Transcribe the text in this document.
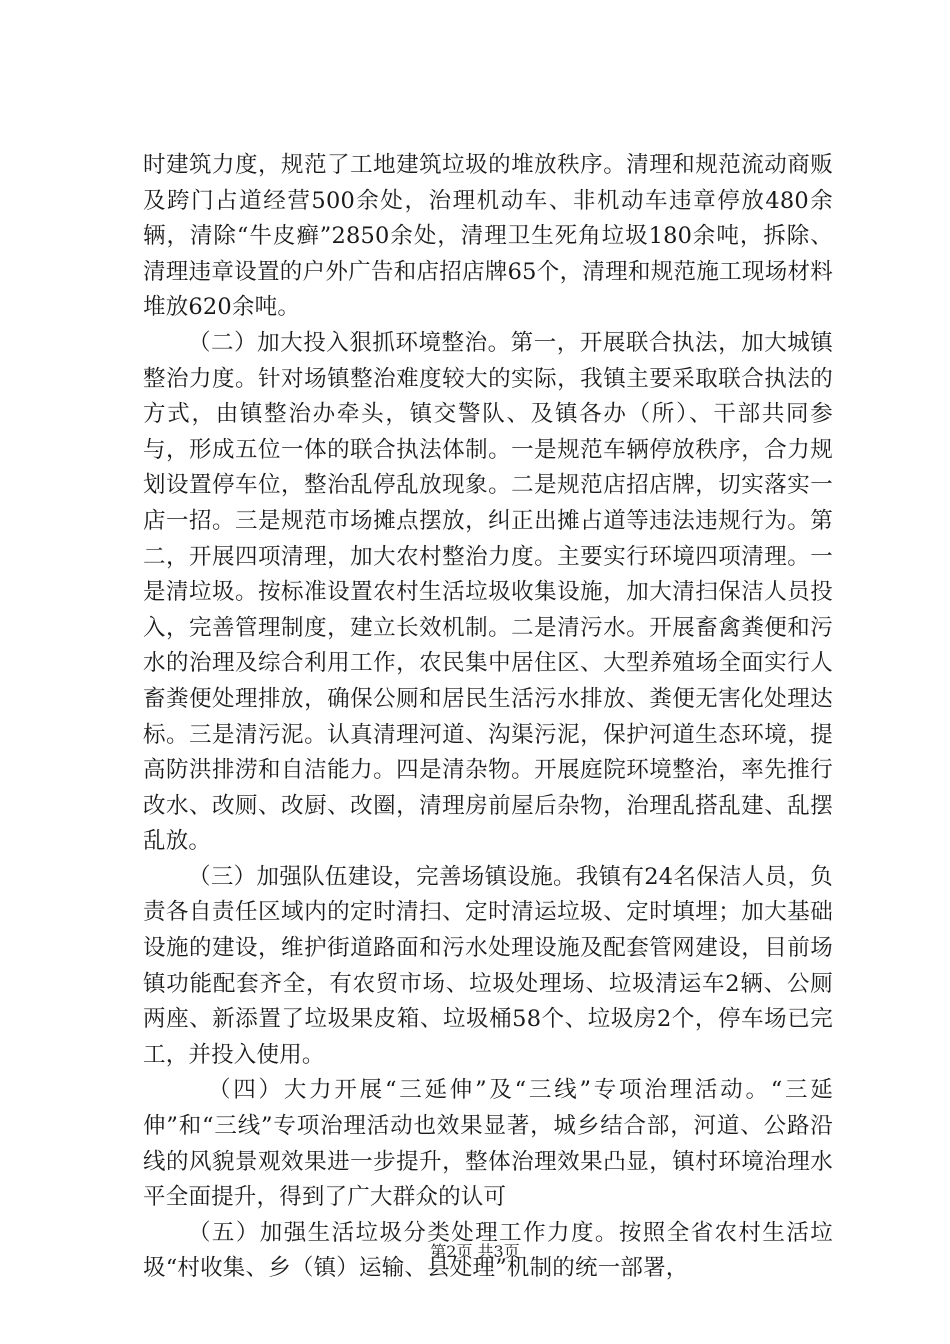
时建筑力度，规范了工地建筑垃圾的堆放秩序。清理和规范流动商贩及跨门占道经营500余处，治理机动车、非机动车违章停放480余辆，清除“牛皮癣”2850余处，清理卫生死角垃圾180余吨，拆除、清理违章设置的户外广告和店招店牌65个，清理和规范施工现场材料堆放620余吨。

（二）加大投入狠抓环境整治。第一，开展联合执法，加大城镇整治力度。针对场镇整治难度较大的实际，我镇主要采取联合执法的方式，由镇整治办牵头，镇交警队、及镇各办（所）、干部共同参与，形成五位一体的联合执法体制。一是规范车辆停放秩序，合力规划设置停车位，整治乱停乱放现象。二是规范店招店牌，切实落实一店一招。三是规范市场摊点摆放，纠正出摊占道等违法违规行为。第二，开展四项清理，加大农村整治力度。主要实行环境四项清理。一是清垃圾。按标准设置农村生活垃圾收集设施，加大清扫保洁人员投入，完善管理制度，建立长效机制。二是清污水。开展畜禽粪便和污水的治理及综合利用工作，农民集中居住区、大型养殖场全面实行人畜粪便处理排放，确保公厕和居民生活污水排放、粪便无害化处理达标。三是清污泥。认真清理河道、沟渠污泥，保护河道生态环境，提高防洪排涝和自洁能力。四是清杂物。开展庭院环境整治，率先推行改水、改厕、改厨、改圈，清理房前屋后杂物，治理乱搭乱建、乱摆乱放。

（三）加强队伍建设，完善场镇设施。我镇有24名保洁人员，负责各自责任区域内的定时清扫、定时清运垃圾、定时填埋；加大基础设施的建设，维护街道路面和污水处理设施及配套管网建设，目前场镇功能配套齐全，有农贸市场、垃圾处理场、垃圾清运车2辆、公厕两座、新添置了垃圾果皮箱、垃圾桶58个、垃圾房2个，停车场已完工，并投入使用。

（四）大力开展“三延伸”及“三线”专项治理活动。“三延伸”和“三线”专项治理活动也效果显著，城乡结合部，河道、公路沿线的风貌景观效果进一步提升，整体治理效果凸显，镇村环境治理水平全面提升，得到了广大群众的认可

（五）加强生活垃圾分类处理工作力度。按照全省农村生活垃圾“村收集、乡（镇）运输、县处理”机制的统一部署，

第2页 共3页
